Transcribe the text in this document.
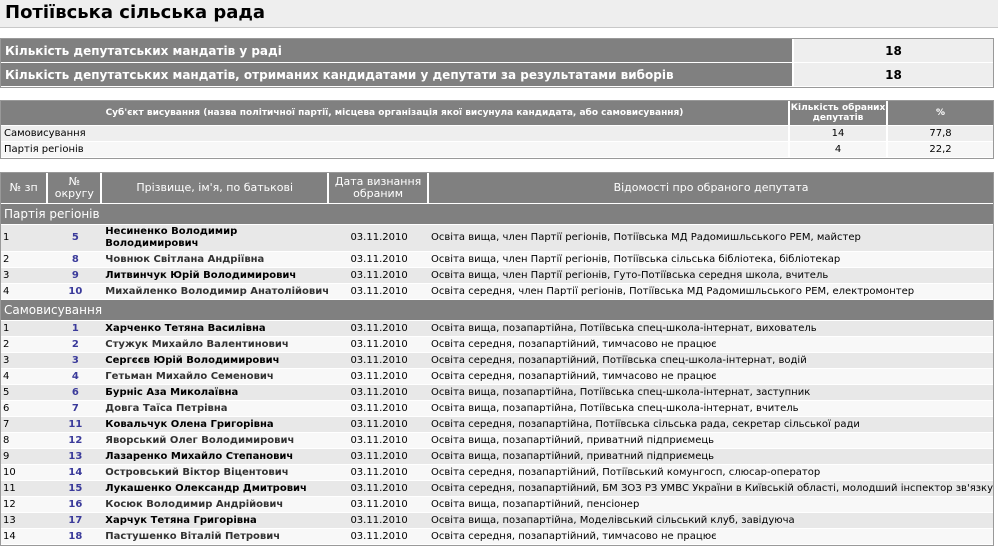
Потіївська сільська рада
Кількість депутатських мандатів у раді	18
Кількість депутатських мандатів, отриманих кандидатами у депутати за результатами виборів	18
Суб'єкт висування (назва політичної партії, місцева організація якої висунула кандидата, або самовисування)	Кількість обраних депутатів	%
Самовисування	14	77,8
Партія регіонів	4	22,2
№ зп	№ округу	Прізвище, ім'я, по батькові	Дата визнання обраним	Відомості про обраного депутата
Партія регіонів				
1	5	Несиненко Володимир Володимирович	03.11.2010	Освіта вища, член Партії регіонів, Потіївська МД Радомишльського РЕМ, майстер
2	8	Човнюк Світлана Андріївна	03.11.2010	Освіта вища, член Партії регіонів, Потіївська сільська бібліотека, бібліотекар
3	9	Литвинчук Юрій Володимирович	03.11.2010	Освіта вища, член Партії регіонів, Гуто-Потіївська середня школа, вчитель
4	10	Михайленко Володимир Анатолійович	03.11.2010	Освіта середня, член Партії регіонів, Потіївська МД Радомишльського РЕМ, електромонтер
Самовисування				
1	1	Харченко Тетяна Василівна	03.11.2010	Освіта вища, позапартійна, Потіївська спец-школа-інтернат, вихователь
2	2	Стужук Михайло Валентинович	03.11.2010	Освіта середня, позапартійний, тимчасово не працює
3	3	Сергєєв Юрій Володимирович	03.11.2010	Освіта середня, позапартійний, Потіївська спец-школа-інтернат, водій
4	4	Гетьман Михайло Семенович	03.11.2010	Освіта середня, позапартійний, тимчасово не працює
5	6	Бурніс Аза Миколаївна	03.11.2010	Освіта вища, позапартійна, Потіївська спец-школа-інтернат, заступник
6	7	Довга Таїса Петрівна	03.11.2010	Освіта вища, позапартійна, Потіївська спец-школа-інтернат, вчитель
7	11	Ковальчук Олена Григорівна	03.11.2010	Освіта середня, позапартійна, Потіївська сільська рада, секретар сільської ради
8	12	Яворський Олег Володимирович	03.11.2010	Освіта вища, позапартійний, приватний підприємець
9	13	Лазаренко Михайло Степанович	03.11.2010	Освіта вища, позапартійний, приватний підприємець
10	14	Островський Віктор Віцентович	03.11.2010	Освіта середня, позапартійний, Потіївський комунгосп, слюсар-оператор
11	15	Лукашенко Олександр Дмитрович	03.11.2010	Освіта середня, позапартійний, БМ ЗОЗ РЗ УМВС України в Київській області, молодший інспектор зв'язку
12	16	Косюк Володимир Андрійович	03.11.2010	Освіта вища, позапартійний, пенсіонер
13	17	Харчук Тетяна Григорівна	03.11.2010	Освіта вища, позапартійна, Моделівський сільський клуб, завідуюча
14	18	Пастушенко Віталій Петрович	03.11.2010	Освіта середня, позапартійний, тимчасово не працює
